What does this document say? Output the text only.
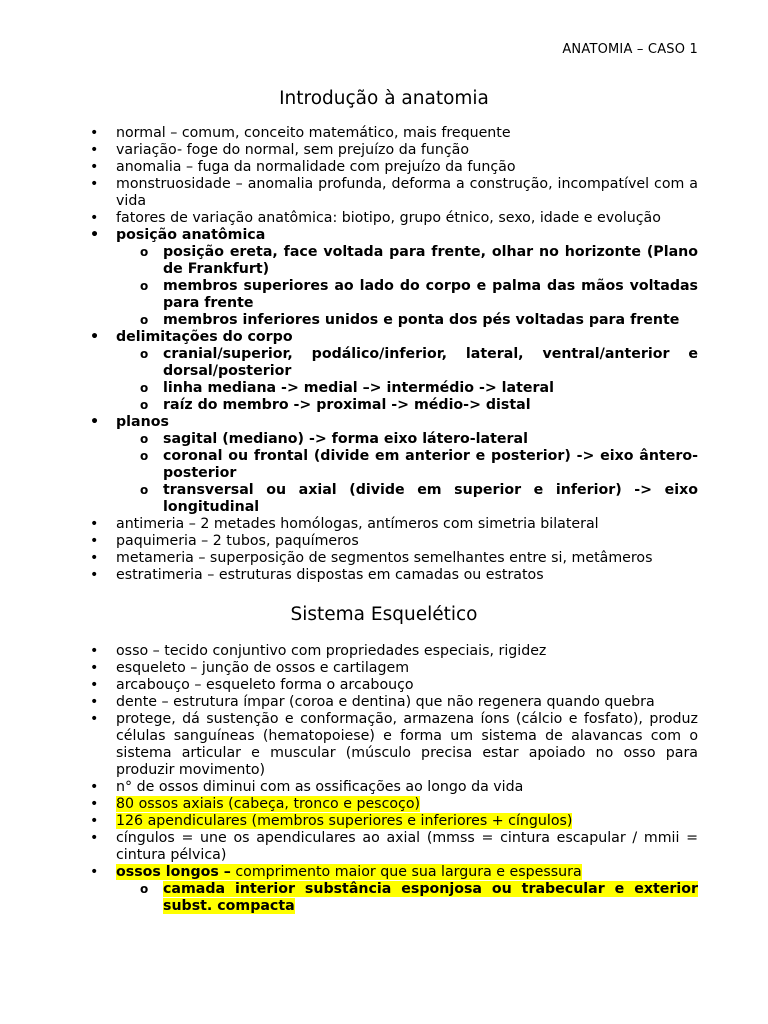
ANATOMIA – CASO 1
Introdução à anatomia
• normal – comum, conceito matemático, mais frequente
• variação- foge do normal, sem prejuízo da função
• anomalia – fuga da normalidade com prejuízo da função
• monstruosidade – anomalia profunda, deforma a construção, incompatível com a vida
• fatores de variação anatômica: biotipo, grupo étnico, sexo, idade e evolução
• posição anatômica
o posição ereta, face voltada para frente, olhar no horizonte (Plano de Frankfurt)
o membros superiores ao lado do corpo e palma das mãos voltadas para frente
o membros inferiores unidos e ponta dos pés voltadas para frente
• delimitações do corpo
o cranial/superior, podálico/inferior, lateral, ventral/anterior e dorsal/posterior
o linha mediana -> medial –> intermédio -> lateral
o raíz do membro -> proximal -> médio-> distal
• planos
o sagital (mediano) -> forma eixo látero-lateral
o coronal ou frontal (divide em anterior e posterior) -> eixo ântero-posterior
o transversal ou axial (divide em superior e inferior) -> eixo longitudinal
• antimeria – 2 metades homólogas, antímeros com simetria bilateral
• paquimeria – 2 tubos, paquímeros
• metameria – superposição de segmentos semelhantes entre si, metâmeros
• estratimeria – estruturas dispostas em camadas ou estratos
Sistema Esquelético
• osso – tecido conjuntivo com propriedades especiais, rigidez
• esqueleto – junção de ossos e cartilagem
• arcabouço – esqueleto forma o arcabouço
• dente – estrutura ímpar (coroa e dentina) que não regenera quando quebra
• protege, dá sustenção e conformação, armazena íons (cálcio e fosfato), produz células sanguíneas (hematopoiese) e forma um sistema de alavancas com o sistema articular e muscular (músculo precisa estar apoiado no osso para produzir movimento)
• n° de ossos diminui com as ossificações ao longo da vida
• 80 ossos axiais (cabeça, tronco e pescoço)
• 126 apendiculares (membros superiores e inferiores + cíngulos)
• cíngulos = une os apendiculares ao axial (mmss = cintura escapular / mmii = cintura pélvica)
• ossos longos – comprimento maior que sua largura e espessura
o camada interior substância esponjosa ou trabecular e exterior subst. compacta
